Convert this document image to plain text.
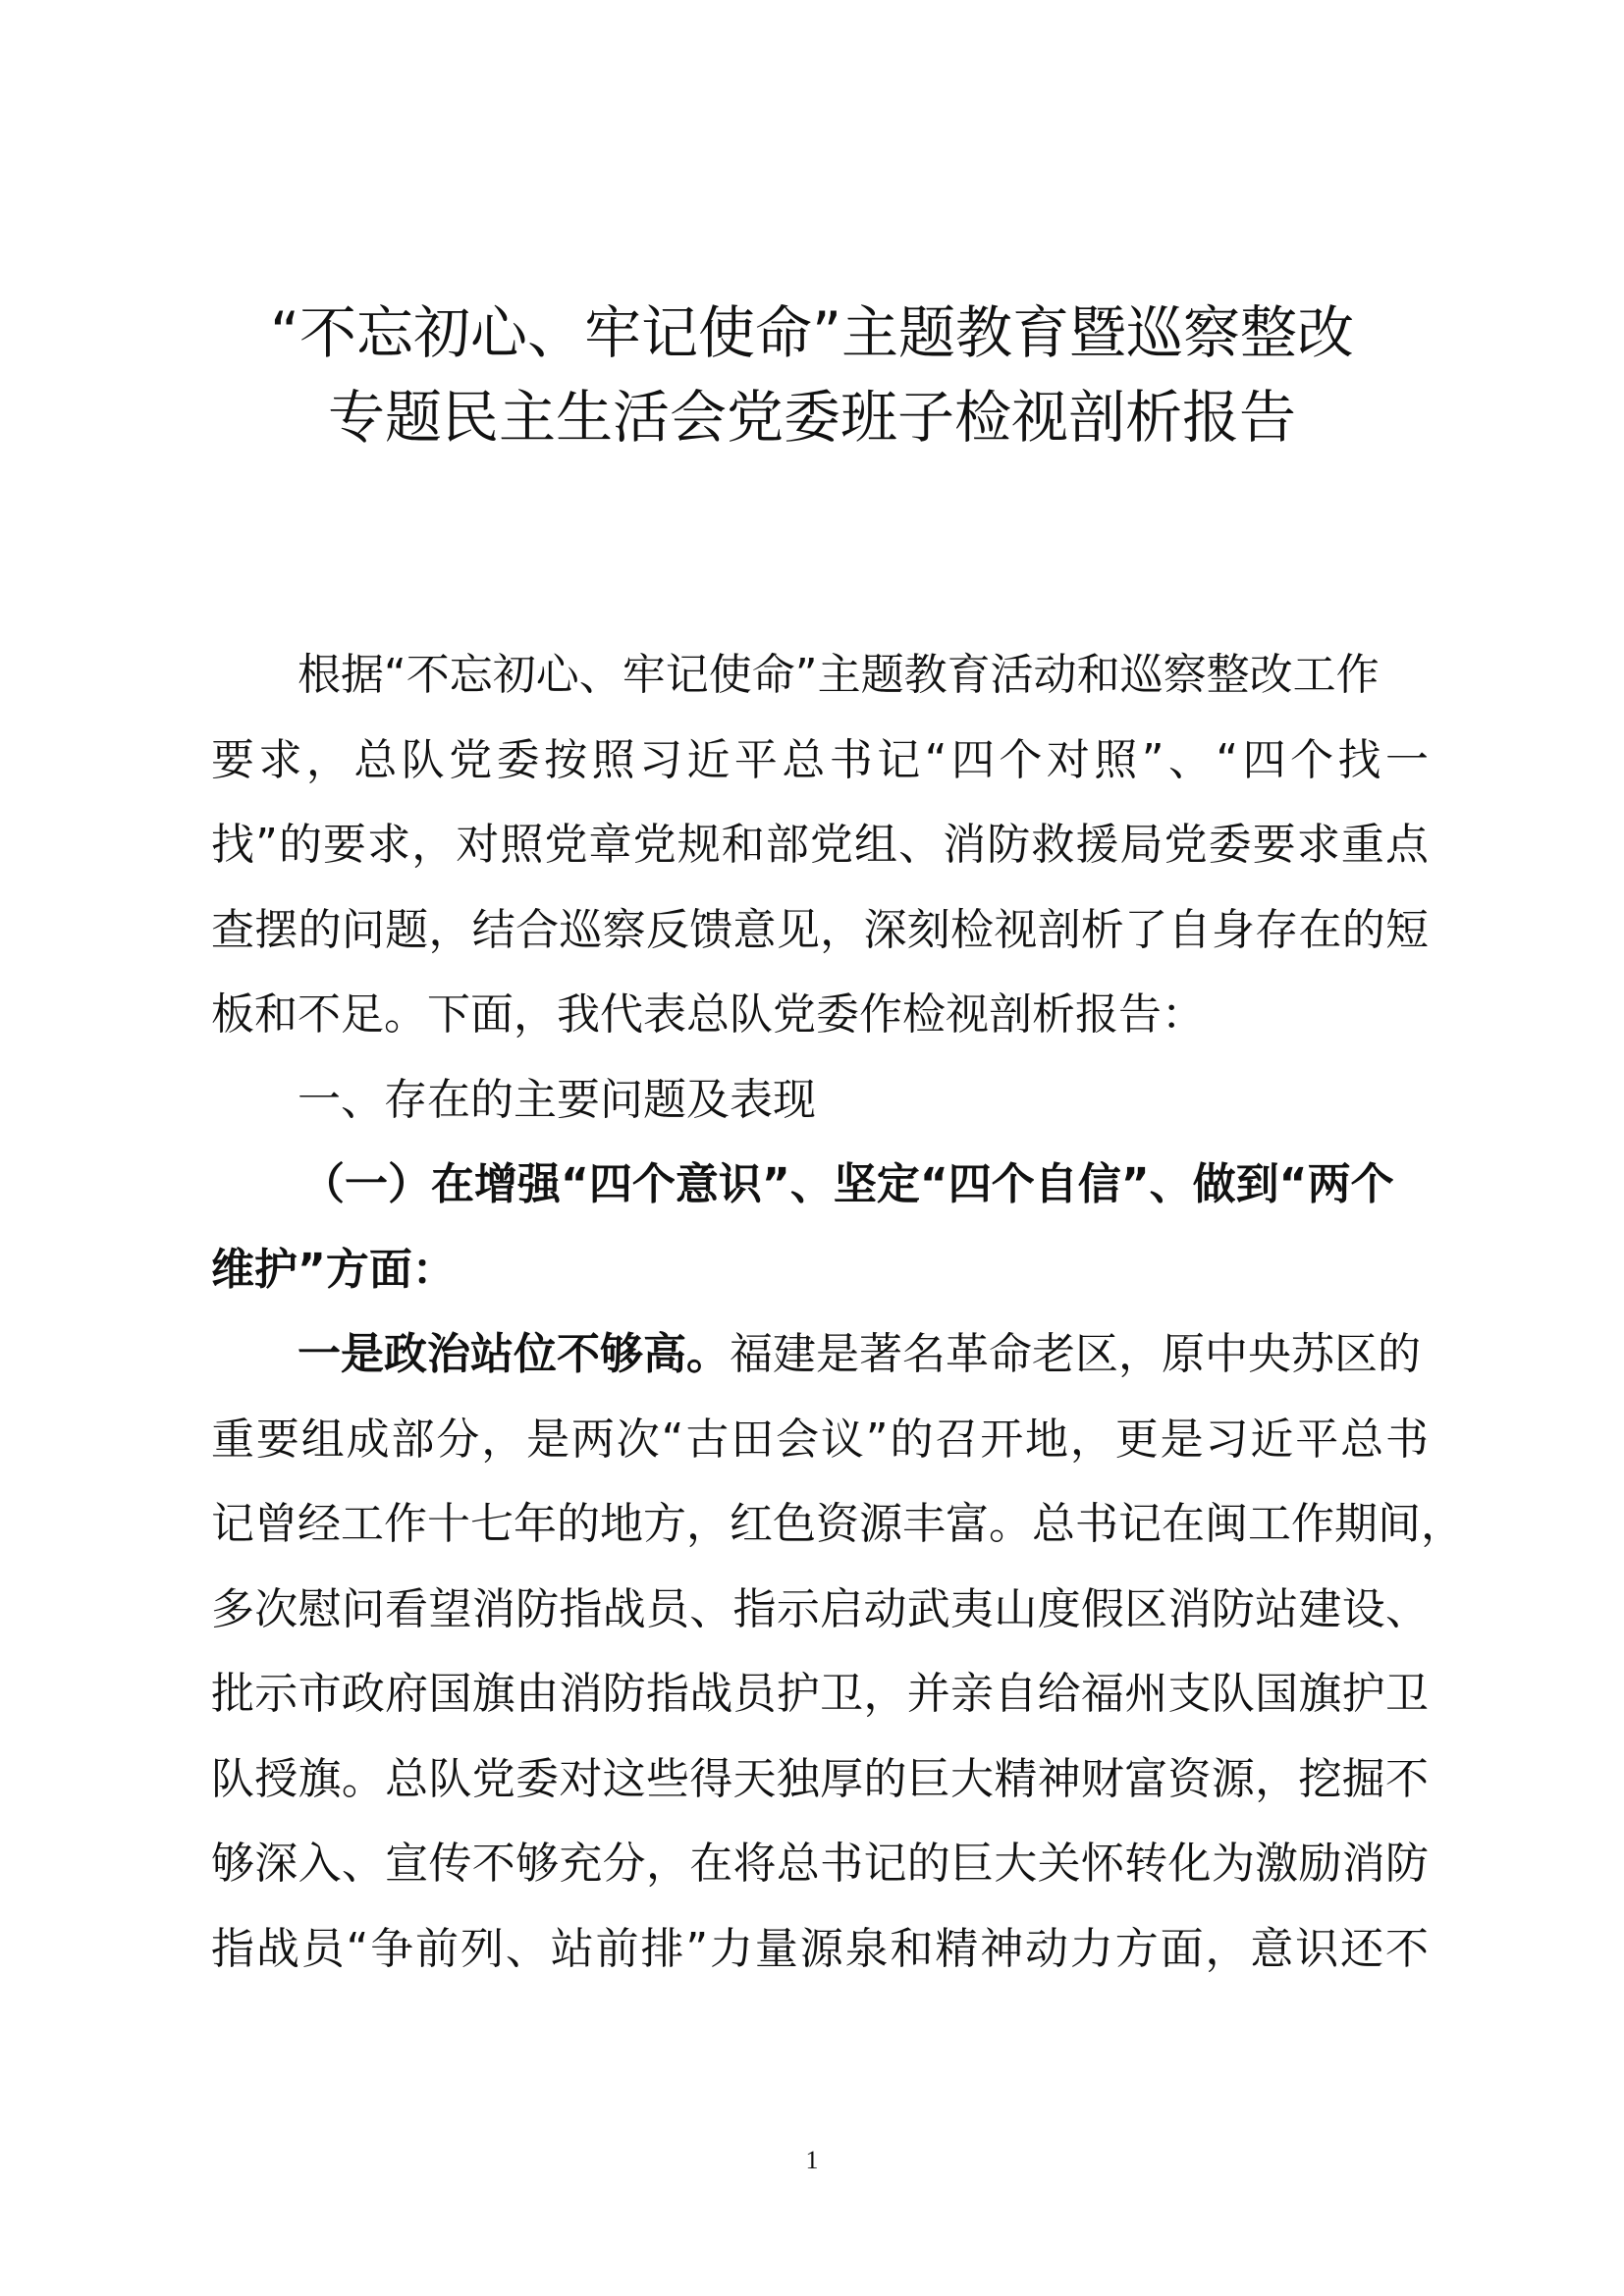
“不忘初心、牢记使命”主题教育暨巡察整改
专题民主生活会党委班子检视剖析报告
根据“不忘初心、牢记使命”主题教育活动和巡察整改工作
要求，总队党委按照习近平总书记“四个对照”、“四个找一
找”的要求，对照党章党规和部党组、消防救援局党委要求重点
查摆的问题，结合巡察反馈意见，深刻检视剖析了自身存在的短
板和不足。下面，我代表总队党委作检视剖析报告：
一、存在的主要问题及表现
（一）在增强“四个意识”、坚定“四个自信”、做到“两个
维护”方面：
一是政治站位不够高。福建是著名革命老区，原中央苏区的
重要组成部分，是两次“古田会议”的召开地，更是习近平总书
记曾经工作十七年的地方，红色资源丰富。总书记在闽工作期间，
多次慰问看望消防指战员、指示启动武夷山度假区消防站建设、
批示市政府国旗由消防指战员护卫，并亲自给福州支队国旗护卫
队授旗。总队党委对这些得天独厚的巨大精神财富资源，挖掘不
够深入、宣传不够充分，在将总书记的巨大关怀转化为激励消防
指战员“争前列、站前排”力量源泉和精神动力方面，意识还不
1
